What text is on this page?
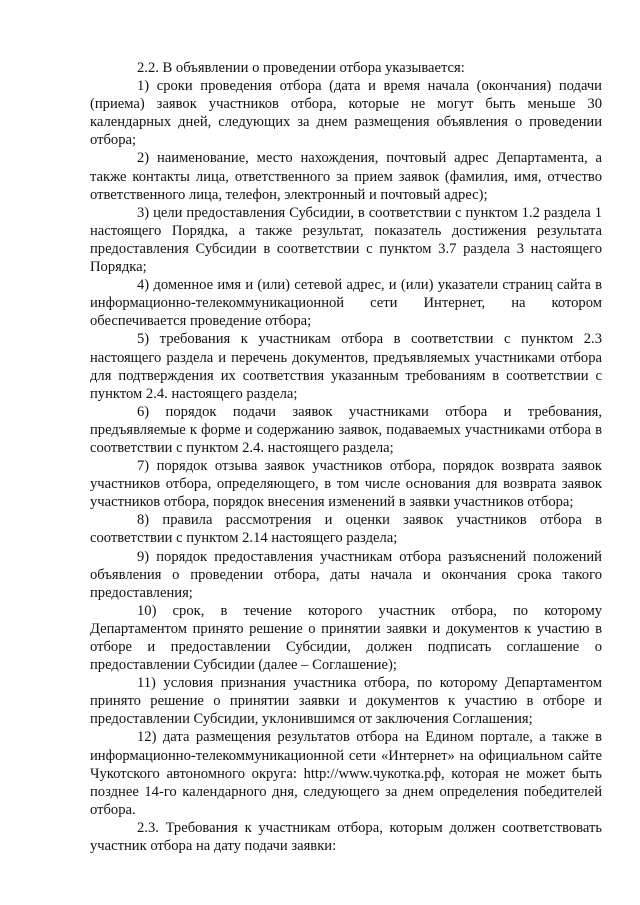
2.2. В объявлении о проведении отбора указывается:

1) сроки проведения отбора (дата и время начала (окончания) подачи (приема) заявок участников отбора, которые не могут быть меньше 30 календарных дней, следующих за днем размещения объявления о проведении отбора;

2) наименование, место нахождения, почтовый адрес Департамента, а также контакты лица, ответственного за прием заявок (фамилия, имя, отчество ответственного лица, телефон, электронный и почтовый адрес);

3) цели предоставления Субсидии, в соответствии с пунктом 1.2 раздела 1 настоящего Порядка, а также результат, показатель достижения результата предоставления Субсидии в соответствии с пунктом 3.7 раздела 3 настоящего Порядка;

4) доменное имя и (или) сетевой адрес, и (или) указатели страниц сайта в информационно-телекоммуникационной сети Интернет, на котором обеспечивается проведение отбора;

5) требования к участникам отбора в соответствии с пунктом 2.3 настоящего раздела и перечень документов, предъявляемых участниками отбора для подтверждения их соответствия указанным требованиям в соответствии с пунктом 2.4. настоящего раздела;

6) порядок подачи заявок участниками отбора и требования, предъявляемые к форме и содержанию заявок, подаваемых участниками отбора в соответствии с пунктом 2.4. настоящего раздела;

7) порядок отзыва заявок участников отбора, порядок возврата заявок участников отбора, определяющего, в том числе основания для возврата заявок участников отбора, порядок внесения изменений в заявки участников отбора;

8) правила рассмотрения и оценки заявок участников отбора в соответствии с пунктом 2.14 настоящего раздела;

9) порядок предоставления участникам отбора разъяснений положений объявления о проведении отбора, даты начала и окончания срока такого предоставления;

10) срок, в течение которого участник отбора, по которому Департаментом принято решение о принятии заявки и документов к участию в отборе и предоставлении Субсидии, должен подписать соглашение о предоставлении Субсидии (далее – Соглашение);

11) условия признания участника отбора, по которому Департаментом принято решение о принятии заявки и документов к участию в отборе и предоставлении Субсидии, уклонившимся от заключения Соглашения;

12) дата размещения результатов отбора на Едином портале, а также в информационно-телекоммуникационной сети «Интернет» на официальном сайте Чукотского автономного округа: http://www.чукотка.рф, которая не может быть позднее 14-го календарного дня, следующего за днем определения победителей отбора.

2.3. Требования к участникам отбора, которым должен соответствовать участник отбора на дату подачи заявки:
